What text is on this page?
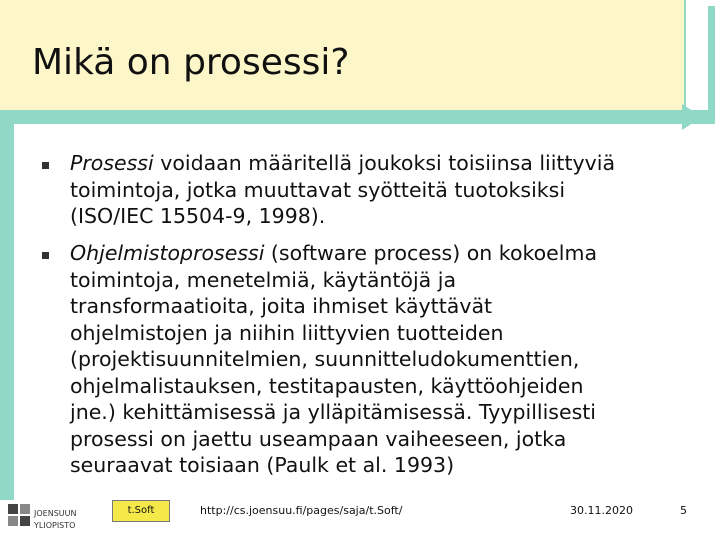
Mikä on prosessi?
Prosessi voidaan määritellä joukoksi toisiinsa liittyviä
toimintoja, jotka muuttavat syötteitä tuotoksiksi
(ISO/IEC 15504-9, 1998).
Ohjelmistoprosessi (software process) on kokoelma
toimintoja, menetelmiä, käytäntöjä ja
transformaatioita, joita ihmiset käyttävät
ohjelmistojen ja niihin liittyvien tuotteiden
(projektisuunnitelmien, suunnitteludokumenttien,
ohjelmalistauksen, testitapausten, käyttöohjeiden
jne.) kehittämisessä ja ylläpitämisessä. Tyypillisesti
prosessi on jaettu useampaan vaiheeseen, jotka
seuraavat toisiaan (Paulk et al. 1993)
JOENSUUN
YLIOPISTO
t.Soft	http://cs.joensuu.fi/pages/saja/t.Soft/	30.11.2020	5
